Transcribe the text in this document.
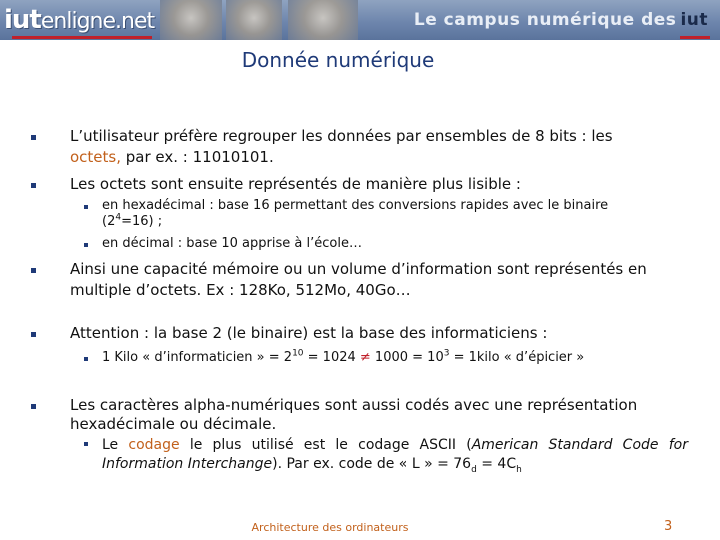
iutenligne.net	Le campus numérique des iut
Donnée numérique
L’utilisateur préfère regrouper les données par ensembles de 8 bits : les
octets, par ex. : 11010101.
Les octets sont ensuite représentés de manière plus lisible :
en hexadécimal : base 16 permettant des conversions rapides avec le binaire
$(2^4=16)$ ;
en décimal : base 10 apprise à l’école…
Ainsi une capacité mémoire ou un volume d’information sont représentés en
multiple d’octets. Ex : 128Ko, 512Mo, 40Go…
Attention : la base 2 (le binaire) est la base des informaticiens :
1 Kilo « d’informaticien » = $2^{10} = 1024 \ne 1000 = 10^3$ = 1kilo « d’épicier »
Les caractères alpha-numériques sont aussi codés avec une représentation
hexadécimale ou décimale.
Le codage le plus utilisé est le codage ASCII (American Standard Code for Information Interchange). Par ex. code de « L » = $76_d = 4C_h$
Architecture des ordinateurs	3
